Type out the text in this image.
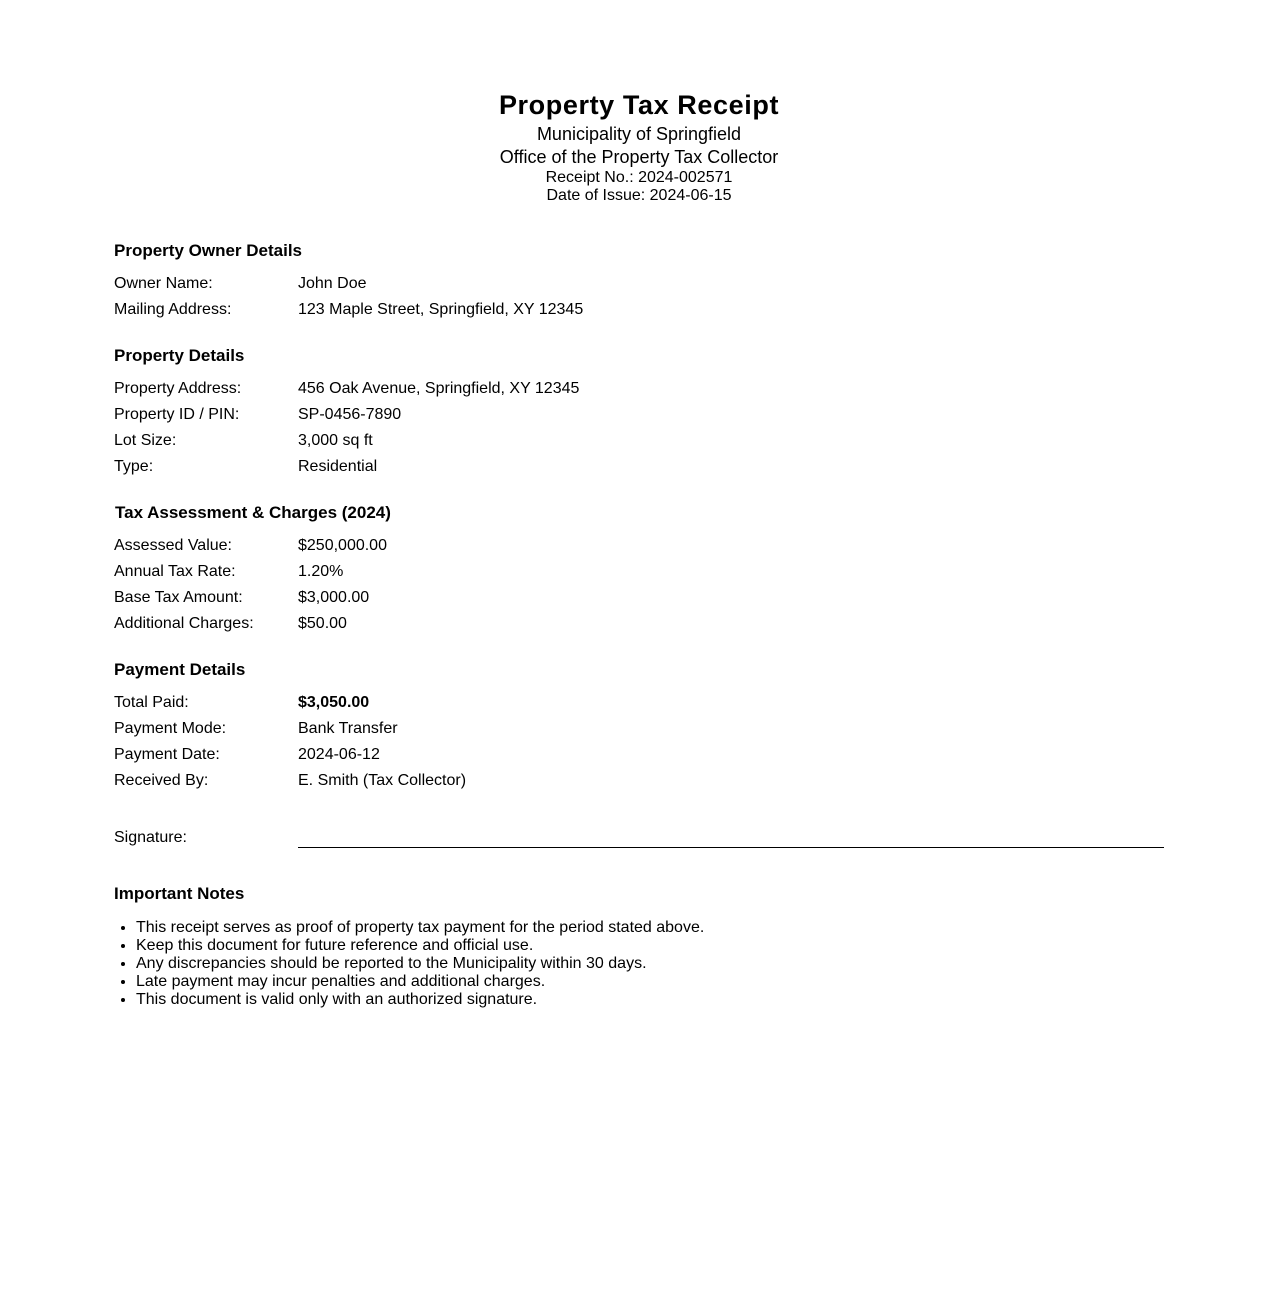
Property Tax Receipt
Municipality of Springfield
Office of the Property Tax Collector
Receipt No.: 2024-002571
Date of Issue: 2024-06-15
Property Owner Details
Owner Name:	John Doe
Mailing Address:	123 Maple Street, Springfield, XY 12345
Property Details
Property Address:	456 Oak Avenue, Springfield, XY 12345
Property ID / PIN:	SP-0456-7890
Lot Size:	3,000 sq ft
Type:	Residential
Tax Assessment & Charges (2024)
Assessed Value:	$250,000.00
Annual Tax Rate:	1.20%
Base Tax Amount:	$3,000.00
Additional Charges:	$50.00
Payment Details
Total Paid:	$3,050.00
Payment Mode:	Bank Transfer
Payment Date:	2024-06-12
Received By:	E. Smith (Tax Collector)
Signature:
Important Notes
• This receipt serves as proof of property tax payment for the period stated above.
• Keep this document for future reference and official use.
• Any discrepancies should be reported to the Municipality within 30 days.
• Late payment may incur penalties and additional charges.
• This document is valid only with an authorized signature.
